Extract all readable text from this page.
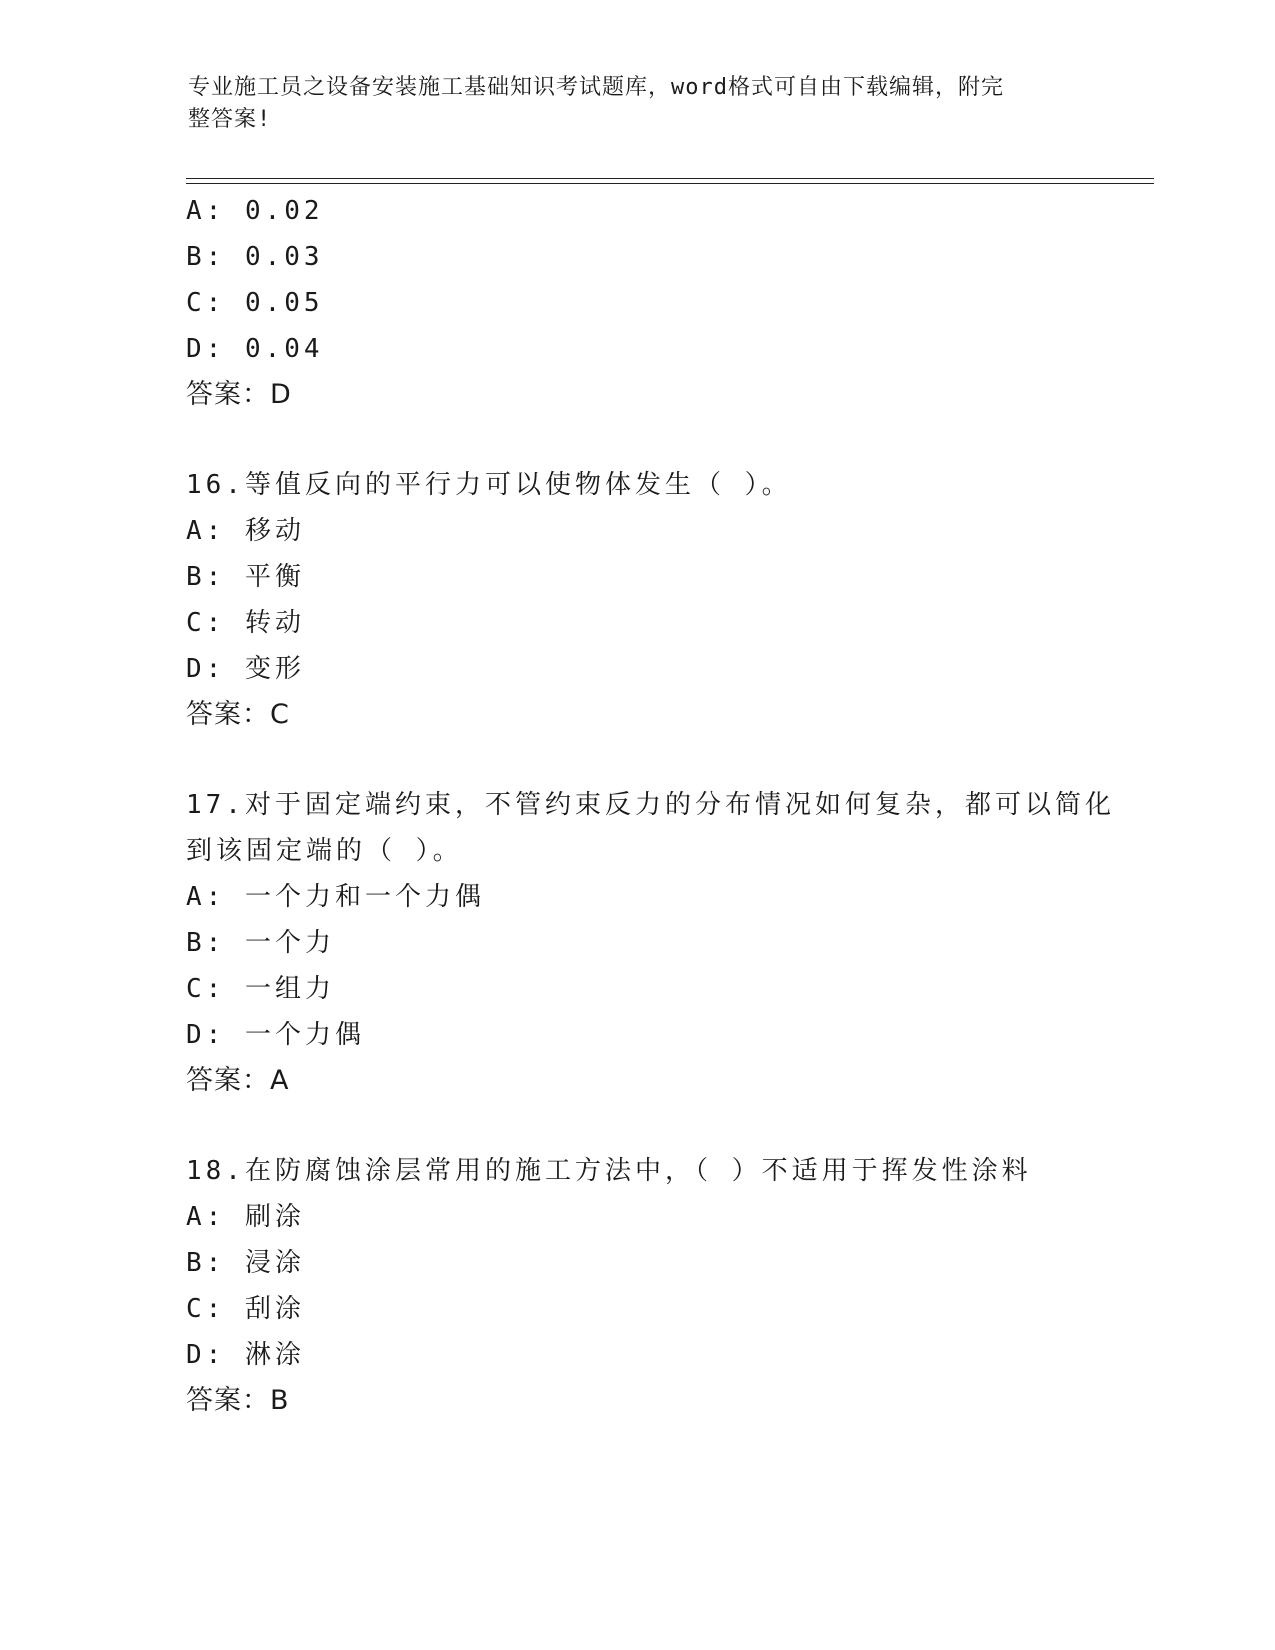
专业施工员之设备安装施工基础知识考试题库，word格式可自由下载编辑，附完
整答案!
A: 0.02
B: 0.03
C: 0.05
D: 0.04
答案：D
16.等值反向的平行力可以使物体发生（ ）。
A: 移动
B: 平衡
C: 转动
D: 变形
答案：C
17.对于固定端约束，不管约束反力的分布情况如何复杂，都可以简化
到该固定端的（ ）。
A: 一个力和一个力偶
B: 一个力
C: 一组力
D: 一个力偶
答案：A
18.在防腐蚀涂层常用的施工方法中，（ ）不适用于挥发性涂料
A: 刷涂
B: 浸涂
C: 刮涂
D: 淋涂
答案：B
